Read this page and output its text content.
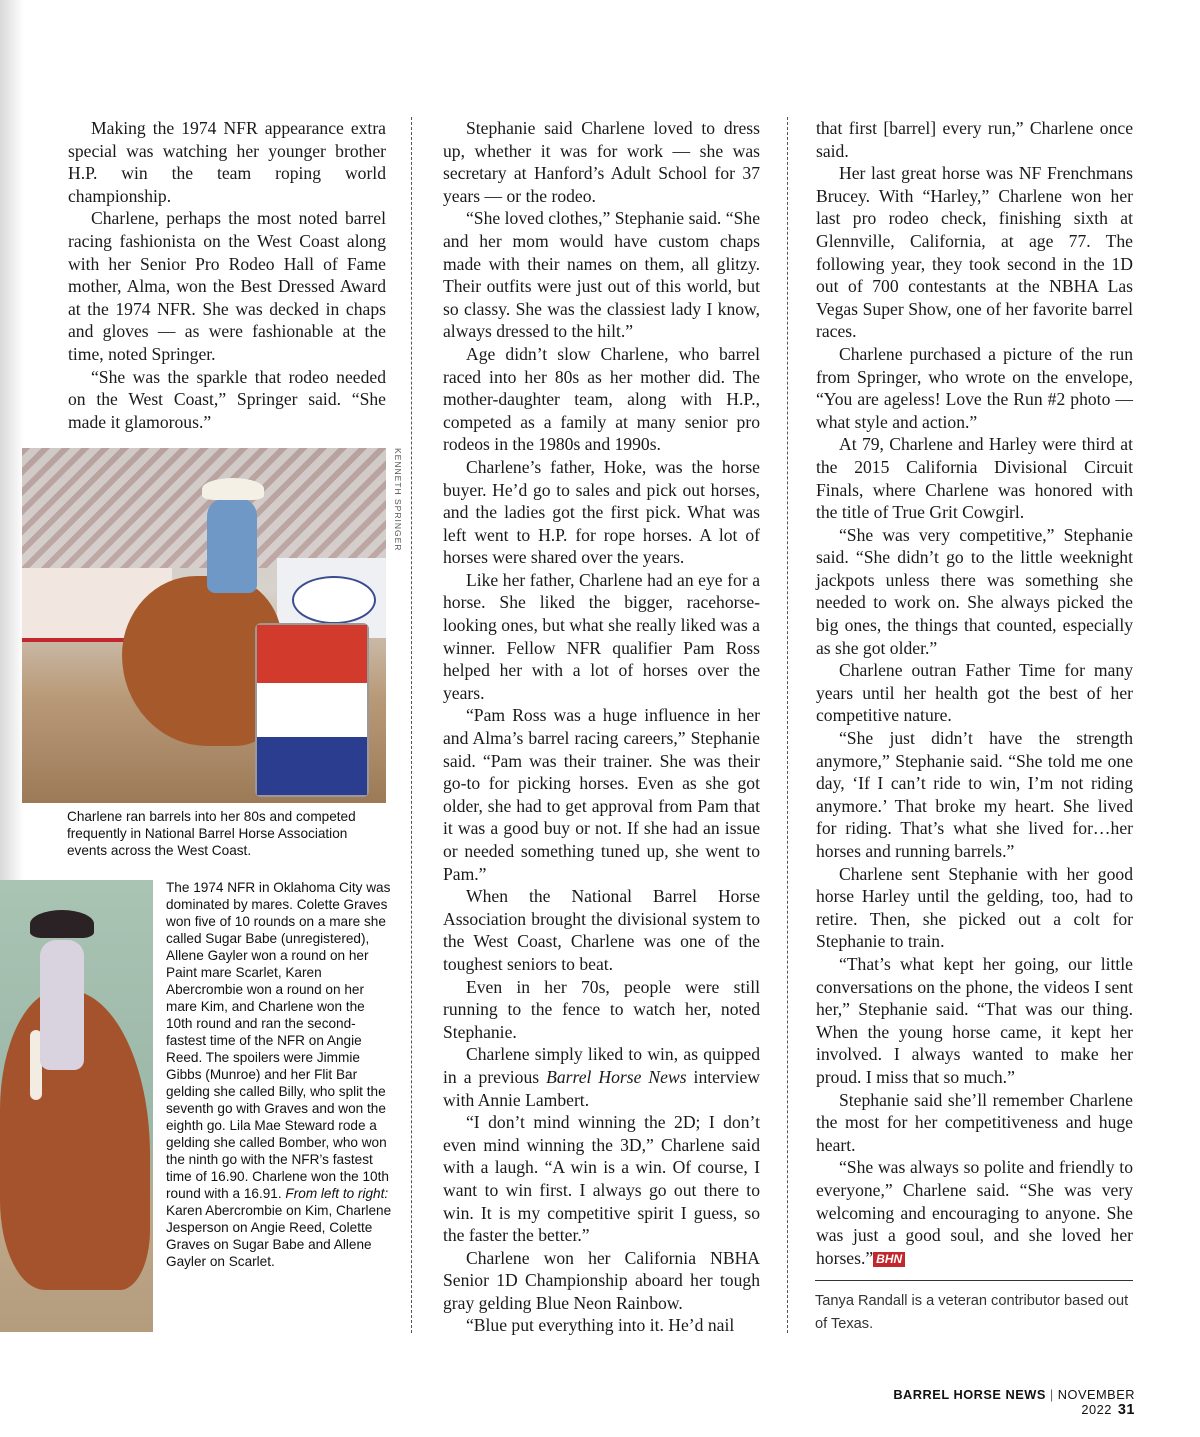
Making the 1974 NFR appearance extra special was watching her younger brother H.P. win the team roping world championship.

Charlene, perhaps the most noted barrel racing fashionista on the West Coast along with her Senior Pro Rodeo Hall of Fame mother, Alma, won the Best Dressed Award at the 1974 NFR. She was decked in chaps and gloves — as were fashionable at the time, noted Springer.

“She was the sparkle that rodeo needed on the West Coast,” Springer said. “She made it glamorous.”

KENNETH SPRINGER
Charlene ran barrels into her 80s and competed frequently in National Barrel Horse Association events across the West Coast.
The 1974 NFR in Oklahoma City was dominated by mares. Colette Graves won five of 10 rounds on a mare she called Sugar Babe (unregistered), Allene Gayler won a round on her Paint mare Scarlet, Karen Abercrombie won a round on her mare Kim, and Charlene won the 10th round and ran the second-fastest time of the NFR on Angie Reed. The spoilers were Jimmie Gibbs (Munroe) and her Flit Bar gelding she called Billy, who split the seventh go with Graves and won the eighth go. Lila Mae Steward rode a gelding she called Bomber, who won the ninth go with the NFR’s fastest time of 16.90. Charlene won the 10th round with a 16.91. From left to right: Karen Abercrombie on Kim, Charlene Jesperson on Angie Reed, Colette Graves on Sugar Babe and Allene Gayler on Scarlet.

Stephanie said Charlene loved to dress up, whether it was for work — she was secretary at Hanford’s Adult School for 37 years — or the rodeo.

“She loved clothes,” Stephanie said. “She and her mom would have custom chaps made with their names on them, all glitzy. Their outfits were just out of this world, but so classy. She was the classiest lady I know, always dressed to the hilt.”

Age didn’t slow Charlene, who barrel raced into her 80s as her mother did. The mother-daughter team, along with H.P., competed as a family at many senior pro rodeos in the 1980s and 1990s.

Charlene’s father, Hoke, was the horse buyer. He’d go to sales and pick out horses, and the ladies got the first pick. What was left went to H.P. for rope horses. A lot of horses were shared over the years.

Like her father, Charlene had an eye for a horse. She liked the bigger, racehorse-looking ones, but what she really liked was a winner. Fellow NFR qualifier Pam Ross helped her with a lot of horses over the years.

“Pam Ross was a huge influence in her and Alma’s barrel racing careers,” Stephanie said. “Pam was their trainer. She was their go-to for picking horses. Even as she got older, she had to get approval from Pam that it was a good buy or not. If she had an issue or needed something tuned up, she went to Pam.”

When the National Barrel Horse Association brought the divisional system to the West Coast, Charlene was one of the toughest seniors to beat.

Even in her 70s, people were still running to the fence to watch her, noted Stephanie.

Charlene simply liked to win, as quipped in a previous Barrel Horse News interview with Annie Lambert.

“I don’t mind winning the 2D; I don’t even mind winning the 3D,” Charlene said with a laugh. “A win is a win. Of course, I want to win first. I always go out there to win. It is my competitive spirit I guess, so the faster the better.”

Charlene won her California NBHA Senior 1D Championship aboard her tough gray gelding Blue Neon Rainbow.

“Blue put everything into it. He’d nail

that first [barrel] every run,” Charlene once said.

Her last great horse was NF Frenchmans Brucey. With “Harley,” Charlene won her last pro rodeo check, finishing sixth at Glennville, California, at age 77. The following year, they took second in the 1D out of 700 contestants at the NBHA Las Vegas Super Show, one of her favorite barrel races.

Charlene purchased a picture of the run from Springer, who wrote on the envelope, “You are ageless! Love the Run #2 photo — what style and action.”

At 79, Charlene and Harley were third at the 2015 California Divisional Circuit Finals, where Charlene was honored with the title of True Grit Cowgirl.

“She was very competitive,” Stephanie said. “She didn’t go to the little weeknight jackpots unless there was something she needed to work on. She always picked the big ones, the things that counted, especially as she got older.”

Charlene outran Father Time for many years until her health got the best of her competitive nature.

“She just didn’t have the strength anymore,” Stephanie said. “She told me one day, ‘If I can’t ride to win, I’m not riding anymore.’ That broke my heart. She lived for riding. That’s what she lived for…her horses and running barrels.”

Charlene sent Stephanie with her good horse Harley until the gelding, too, had to retire. Then, she picked out a colt for Stephanie to train.

“That’s what kept her going, our little conversations on the phone, the videos I sent her,” Stephanie said. “That was our thing. When the young horse came, it kept her involved. I always wanted to make her proud. I miss that so much.”

Stephanie said she’ll remember Charlene the most for her competitiveness and huge heart.

“She was always so polite and friendly to everyone,” Charlene said. “She was very welcoming and encouraging to anyone. She was just a good soul, and she loved her horses.” BHN

Tanya Randall is a veteran contributor based out of Texas.
BARREL HORSE NEWS | NOVEMBER 2022 31
